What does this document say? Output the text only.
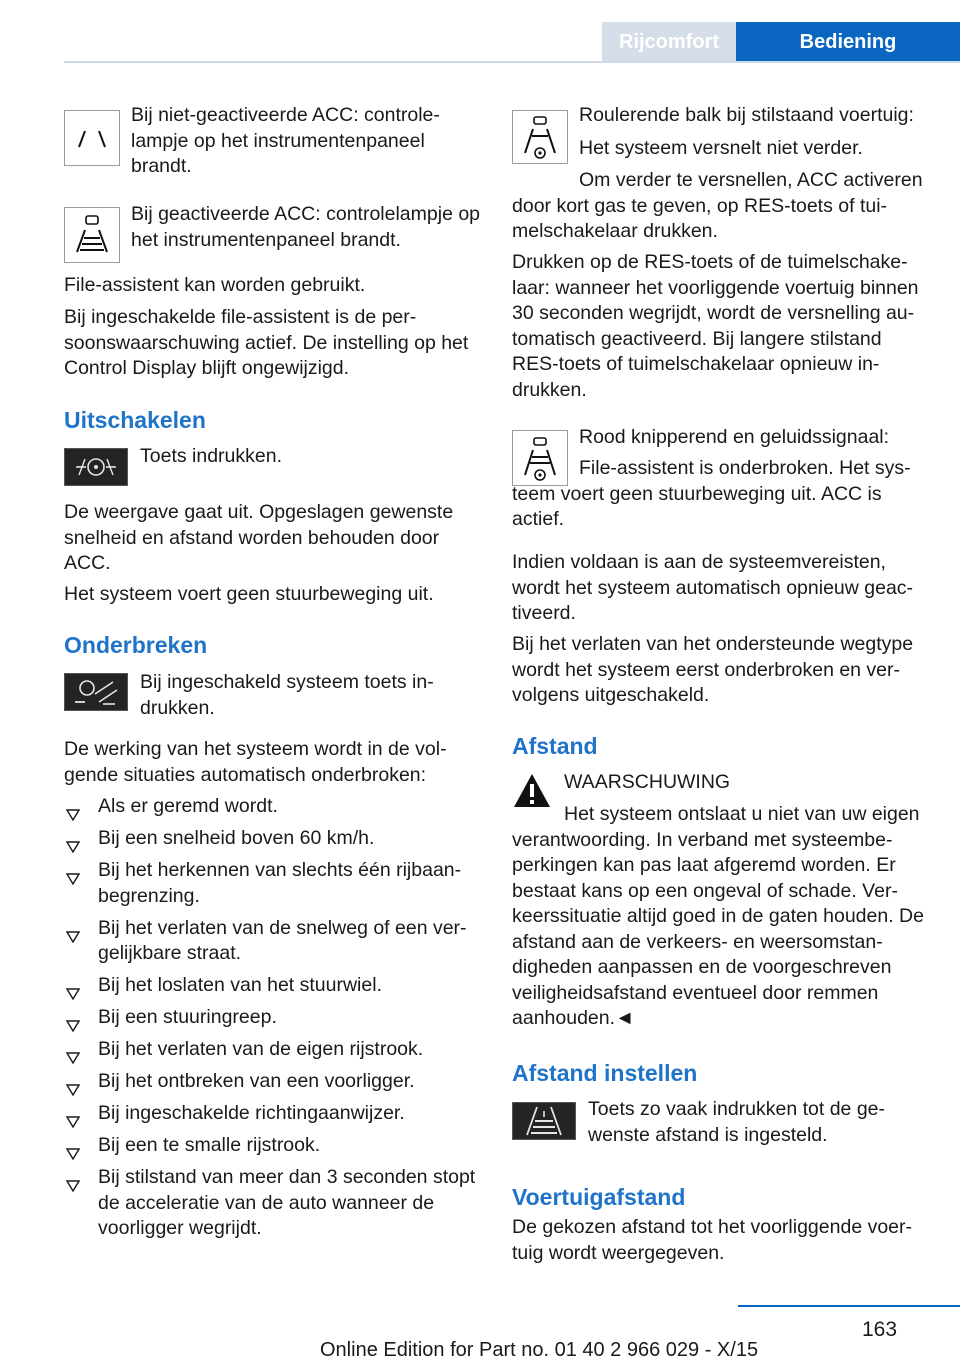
Rijcomfort	Bediening

Bij niet-geactiveerde ACC: controle-lampje op het instrumentenpaneel brandt.

Bij geactiveerde ACC: controlelampje op het instrumentenpaneel brandt.

File-assistent kan worden gebruikt.

Bij ingeschakelde file-assistent is de per-soonswaarschuwing actief. De instelling op het Control Display blijft ongewijzigd.

Uitschakelen

Toets indrukken.

De weergave gaat uit. Opgeslagen gewenste snelheid en afstand worden behouden door ACC.

Het systeem voert geen stuurbeweging uit.

Onderbreken

Bij ingeschakeld systeem toets in-drukken.

De werking van het systeem wordt in de vol-gende situaties automatisch onderbroken:

Als er geremd wordt.
Bij een snelheid boven 60 km/h.
Bij het herkennen van slechts één rijbaan-begrenzing.
Bij het verlaten van de snelweg of een ver-gelijkbare straat.
Bij het loslaten van het stuurwiel.
Bij een stuuringreep.
Bij het verlaten van de eigen rijstrook.
Bij het ontbreken van een voorligger.
Bij ingeschakelde richtingaanwijzer.
Bij een te smalle rijstrook.
Bij stilstand van meer dan 3 seconden stopt de acceleratie van de auto wanneer de voorligger wegrijdt.

Roulerende balk bij stilstaand voertuig:

Het systeem versnelt niet verder.

Om verder te versnellen, ACC activeren door kort gas te geven, op RES-toets of tui-melschakelaar drukken.

Drukken op de RES-toets of de tuimelschake-laar: wanneer het voorliggende voertuig binnen 30 seconden wegrijdt, wordt de versnelling au-tomatisch geactiveerd. Bij langere stilstand RES-toets of tuimelschakelaar opnieuw in-drukken.

Rood knipperend en geluidssignaal:

File-assistent is onderbroken. Het sys-teem voert geen stuurbeweging uit. ACC is actief.

Indien voldaan is aan de systeemvereisten, wordt het systeem automatisch opnieuw geac-tiveerd.

Bij het verlaten van het ondersteunde wegtype wordt het systeem eerst onderbroken en ver-volgens uitgeschakeld.

Afstand

WAARSCHUWING

Het systeem ontslaat u niet van uw eigen verantwoording. In verband met systeembe-perkingen kan pas laat afgeremd worden. Er bestaat kans op een ongeval of schade. Ver-keerssituatie altijd goed in de gaten houden. De afstand aan de verkeers- en weersomstan-digheden aanpassen en de voorgeschreven veiligheidsafstand eventueel door remmen aanhouden.◄

Afstand instellen

Toets zo vaak indrukken tot de ge-wenste afstand is ingesteld.

Voertuigafstand

De gekozen afstand tot het voorliggende voer-tuig wordt weergegeven.

163
Online Edition for Part no. 01 40 2 966 029 - X/15
